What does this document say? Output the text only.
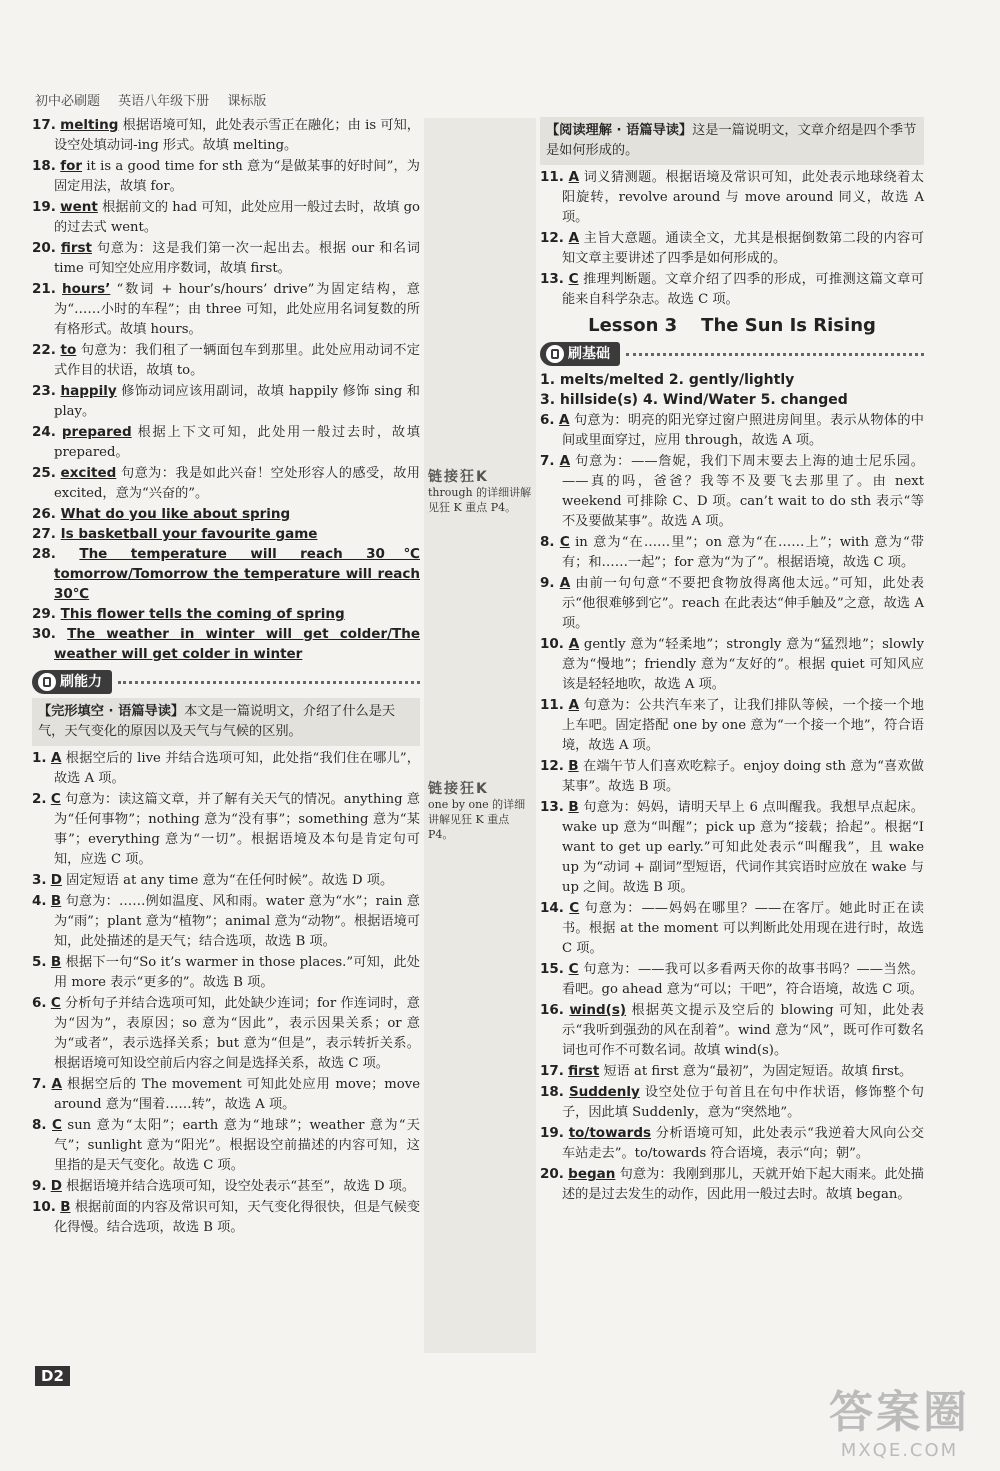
初中必刷题 英语八年级下册 课标版
链接狂K
through 的详细讲解见狂 K 重点 P4。
链接狂K
one by one 的详细讲解见狂 K 重点 P4。

17. melting 根据语境可知，此处表示雪正在融化；由 is 可知，设空处填动词-ing 形式。故填 melting。

18. for it is a good time for sth 意为“是做某事的好时间”，为固定用法，故填 for。

19. went 根据前文的 had 可知，此处应用一般过去时，故填 go 的过去式 went。

20. first 句意为：这是我们第一次一起出去。根据 our 和名词 time 可知空处应用序数词，故填 first。

21. hours’ “数词 + hour’s/hours’ drive”为固定结构，意为“……小时的车程”；由 three 可知，此处应用名词复数的所有格形式。故填 hours。

22. to 句意为：我们租了一辆面包车到那里。此处应用动词不定式作目的状语，故填 to。

23. happily 修饰动词应该用副词，故填 happily 修饰 sing 和 play。

24. prepared 根据上下文可知，此处用一般过去时，故填 prepared。

25. excited 句意为：我是如此兴奋！空处形容人的感受，故用 excited，意为“兴奋的”。

26. What do you like about spring

27. Is basketball your favourite game

28. The temperature will reach 30℃ tomorrow/Tomorrow the temperature will reach 30℃

29. This flower tells the coming of spring

30. The weather in winter will get colder/The weather will get colder in winter

刷能力
【完形填空 · 语篇导读】本文是一篇说明文，介绍了什么是天气，天气变化的原因以及天气与气候的区别。

1. A 根据空后的 live 并结合选项可知，此处指“我们住在哪儿”，故选 A 项。

2. C 句意为：读这篇文章，并了解有关天气的情况。anything 意为“任何事物”；nothing 意为“没有事”；something 意为“某事”；everything 意为“一切”。根据语境及本句是肯定句可知，应选 C 项。

3. D 固定短语 at any time 意为“在任何时候”。故选 D 项。

4. B 句意为：……例如温度、风和雨。water 意为“水”；rain 意为“雨”；plant 意为“植物”；animal 意为“动物”。根据语境可知，此处描述的是天气；结合选项，故选 B 项。

5. B 根据下一句“So it’s warmer in those places.”可知，此处用 more 表示“更多的”。故选 B 项。

6. C 分析句子并结合选项可知，此处缺少连词；for 作连词时，意为“因为”，表原因；so 意为“因此”，表示因果关系；or 意为“或者”，表示选择关系；but 意为“但是”，表示转折关系。根据语境可知设空前后内容之间是选择关系，故选 C 项。

7. A 根据空后的 The movement 可知此处应用 move；move around 意为“围着……转”，故选 A 项。

8. C sun 意为“太阳”；earth 意为“地球”；weather 意为“天气”；sunlight 意为“阳光”。根据设空前描述的内容可知，这里指的是天气变化。故选 C 项。

9. D 根据语境并结合选项可知，设空处表示“甚至”，故选 D 项。

10. B 根据前面的内容及常识可知，天气变化得很快，但是气候变化得慢。结合选项，故选 B 项。

【阅读理解 · 语篇导读】这是一篇说明文，文章介绍是四个季节是如何形成的。

11. A 词义猜测题。根据语境及常识可知，此处表示地球绕着太阳旋转，revolve around 与 move around 同义，故选 A 项。

12. A 主旨大意题。通读全文，尤其是根据倒数第二段的内容可知文章主要讲述了四季是如何形成的。

13. C 推理判断题。文章介绍了四季的形成，可推测这篇文章可能来自科学杂志。故选 C 项。

Lesson 3 The Sun Is Rising
刷基础

1. melts/melted 2. gently/lightly

3. hillside(s) 4. Wind/Water 5. changed

6. A 句意为：明亮的阳光穿过窗户照进房间里。表示从物体的中间或里面穿过，应用 through，故选 A 项。

7. A 句意为：——詹妮，我们下周末要去上海的迪士尼乐园。——真的吗，爸爸？我等不及要飞去那里了。由 next weekend 可排除 C、D 项。can’t wait to do sth 表示“等不及要做某事”。故选 A 项。

8. C in 意为“在……里”；on 意为“在……上”；with 意为“带有；和……一起”；for 意为“为了”。根据语境，故选 C 项。

9. A 由前一句句意“不要把食物放得离他太远。”可知，此处表示“他很难够到它”。reach 在此表达“伸手触及”之意，故选 A 项。

10. A gently 意为“轻柔地”；strongly 意为“猛烈地”；slowly 意为“慢地”；friendly 意为“友好的”。根据 quiet 可知风应该是轻轻地吹，故选 A 项。

11. A 句意为：公共汽车来了，让我们排队等候，一个接一个地上车吧。固定搭配 one by one 意为“一个接一个地”，符合语境，故选 A 项。

12. B 在端午节人们喜欢吃粽子。enjoy doing sth 意为“喜欢做某事”。故选 B 项。

13. B 句意为：妈妈，请明天早上 6 点叫醒我。我想早点起床。wake up 意为“叫醒”；pick up 意为“接载；拾起”。根据“I want to get up early.”可知此处表示“叫醒我”，且 wake up 为“动词 + 副词”型短语，代词作其宾语时应放在 wake 与 up 之间。故选 B 项。

14. C 句意为：——妈妈在哪里？——在客厅。她此时正在读书。根据 at the moment 可以判断此处用现在进行时，故选 C 项。

15. C 句意为：——我可以多看两天你的故事书吗？——当然。看吧。go ahead 意为“可以；干吧”，符合语境，故选 C 项。

16. wind(s) 根据英文提示及空后的 blowing 可知，此处表示“我听到强劲的风在刮着”。wind 意为“风”，既可作可数名词也可作不可数名词。故填 wind(s)。

17. first 短语 at first 意为“最初”，为固定短语。故填 first。

18. Suddenly 设空处位于句首且在句中作状语，修饰整个句子，因此填 Suddenly，意为“突然地”。

19. to/towards 分析语境可知，此处表示“我逆着大风向公交车站走去”。to/towards 符合语境，表示“向；朝”。

20. began 句意为：我刚到那儿，天就开始下起大雨来。此处描述的是过去发生的动作，因此用一般过去时。故填 began。

D2
答案圈
MXQE.COM
